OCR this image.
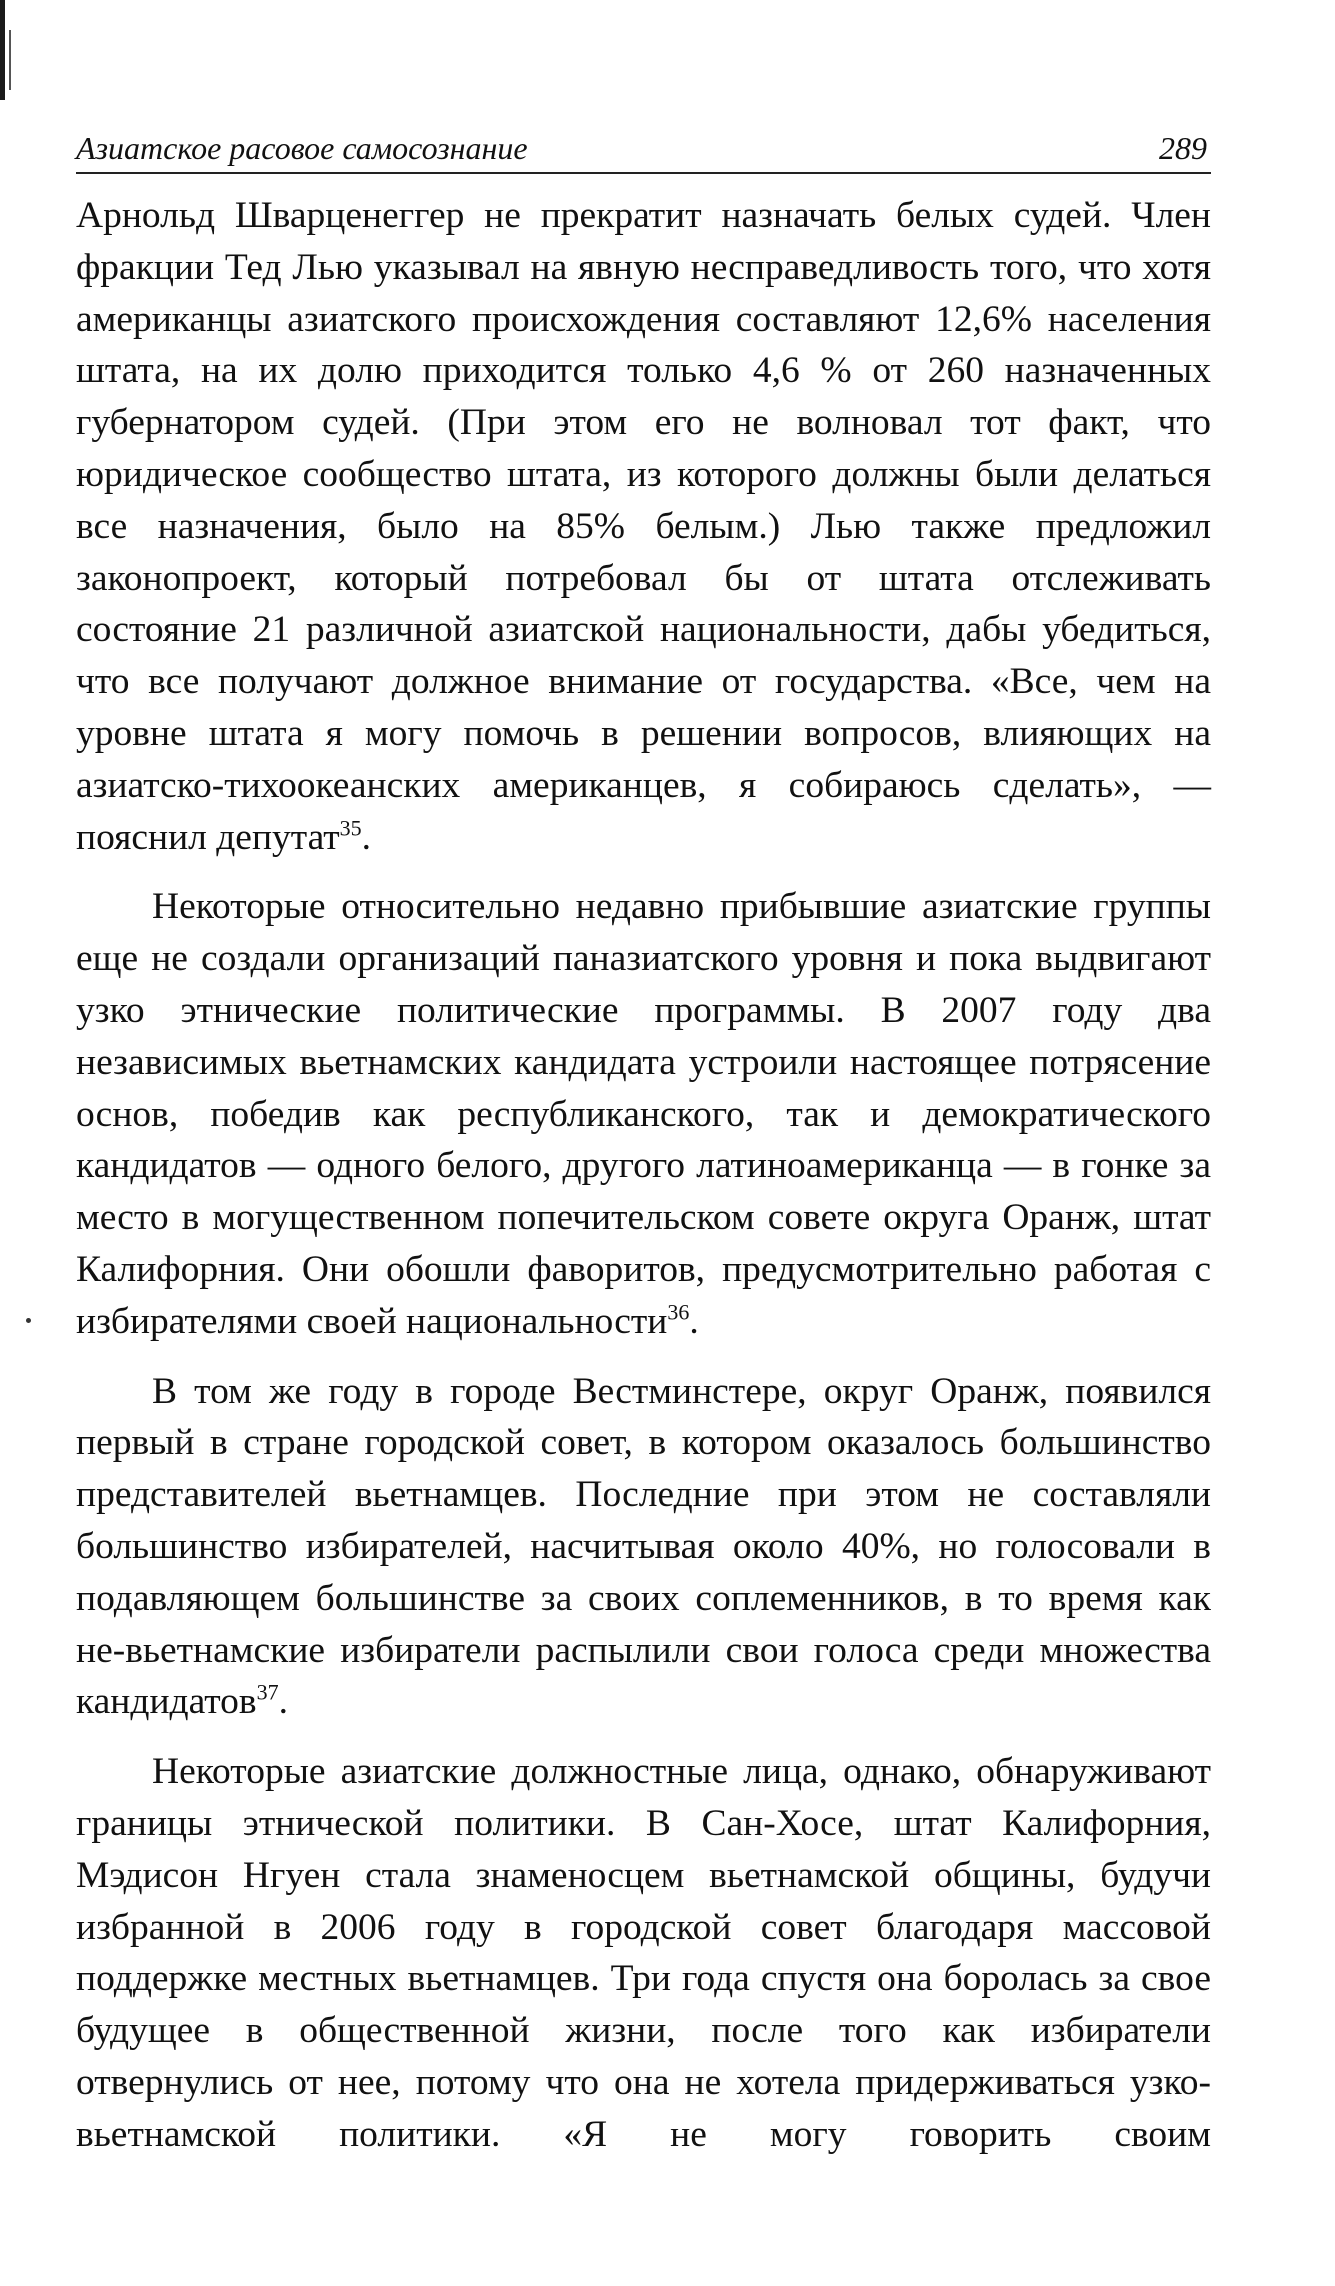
Азиатское расовое самосознание	289

Арнольд Шварценеггер не прекратит назначать белых судей. Член фракции Тед Лью указывал на явную несправедливость того, что хотя американцы азиатского происхождения составляют 12,6% населения штата, на их долю приходится только 4,6 % от 260 назначенных губернатором судей. (При этом его не волновал тот факт, что юридическое сообщество штата, из которого должны были делаться все назначения, было на 85% белым.) Лью также предложил законопроект, который потребовал бы от штата отслеживать состояние 21 различной азиатской национальности, дабы убедиться, что все получают должное внимание от государства. «Все, чем на уровне штата я могу помочь в решении вопросов, влияющих на азиатско-тихоокеанских американцев, я собираюсь сделать», — пояснил депутат$^{35}$.

Некоторые относительно недавно прибывшие азиатские группы еще не создали организаций паназиатского уровня и пока выдвигают узко этнические политические программы. В 2007 году два независимых вьетнамских кандидата устроили настоящее потрясение основ, победив как республиканского, так и демократического кандидатов — одного белого, другого латиноамериканца — в гонке за место в могущественном попечительском совете округа Оранж, штат Калифорния. Они обошли фаворитов, предусмотрительно работая с избирателями своей национальности$^{36}$.

В том же году в городе Вестминстере, округ Оранж, появился первый в стране городской совет, в котором оказалось большинство представителей вьетнамцев. Последние при этом не составляли большинство избирателей, насчитывая около 40%, но голосовали в подавляющем большинстве за своих соплеменников, в то время как не-вьетнамские избиратели распылили свои голоса среди множества кандидатов$^{37}$.

Некоторые азиатские должностные лица, однако, обнаруживают границы этнической политики. В Сан-Хосе, штат Калифорния, Мэдисон Нгуен стала знаменосцем вьетнамской общины, будучи избранной в 2006 году в городской совет благодаря массовой поддержке местных вьетнамцев. Три года спустя она боролась за свое будущее в общественной жизни, после того как избиратели отвернулись от нее, потому что она не хотела придерживаться узко-вьетнамской политики. «Я не могу говорить своим
